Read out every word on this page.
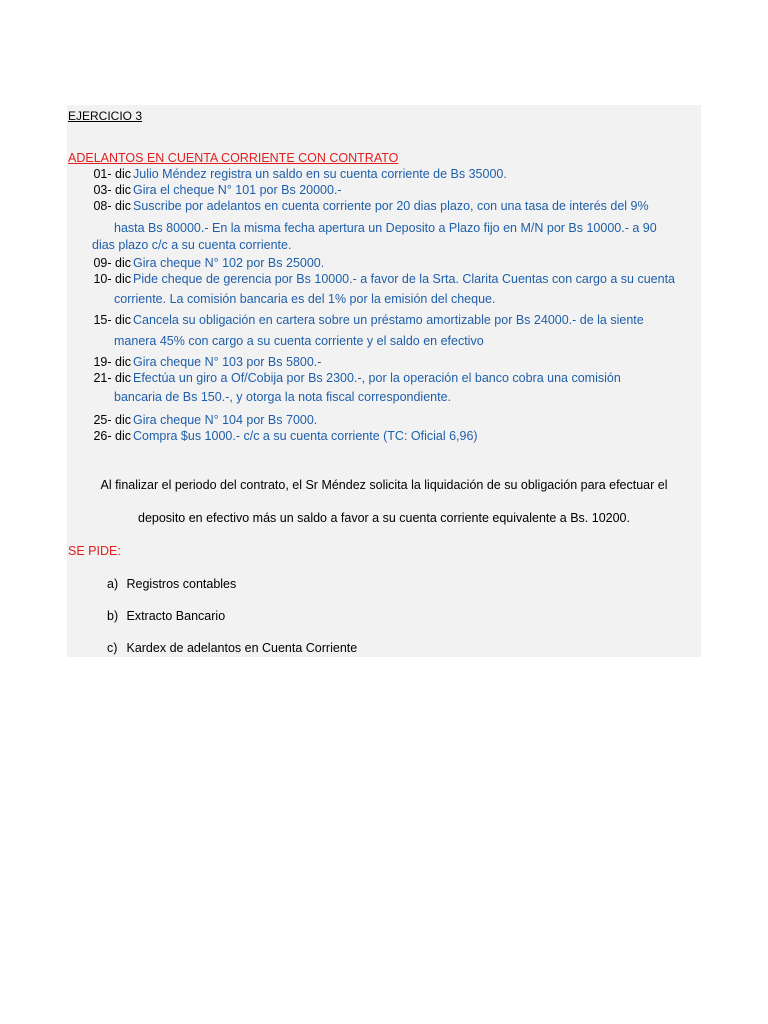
EJERCICIO 3
ADELANTOS EN CUENTA CORRIENTE CON CONTRATO
01- dic Julio Méndez registra un saldo en su cuenta corriente de Bs 35000.
03- dic Gira el cheque N° 101 por Bs 20000.-
08- dic Suscribe por adelantos en cuenta corriente por 20 dias plazo, con una tasa de interés del 9%
hasta Bs 80000.- En la misma fecha apertura un Deposito a Plazo fijo en M/N por Bs 10000.- a 90
dias plazo c/c a su cuenta corriente.
09- dic Gira cheque N° 102 por Bs 25000.
10- dic Pide cheque de gerencia por Bs 10000.- a favor de la Srta. Clarita Cuentas con cargo a su cuenta
corriente. La comisión bancaria es del 1% por la emisión del cheque.
15- dic Cancela su obligación en cartera sobre un préstamo amortizable por Bs 24000.- de la siente
manera 45% con cargo a su cuenta corriente y el saldo en efectivo
19- dic Gira cheque N° 103 por Bs 5800.-
21- dic Efectúa un giro a Of/Cobija por Bs 2300.-, por la operación el banco cobra una comisión
bancaria de Bs 150.-, y otorga la nota fiscal correspondiente.
25- dic Gira cheque N° 104 por Bs 7000.
26- dic Compra $us 1000.- c/c a su cuenta corriente (TC: Oficial 6,96)
Al finalizar el periodo del contrato, el Sr Méndez solicita la liquidación de su obligación para efectuar el
deposito en efectivo más un saldo a favor a su cuenta corriente equivalente a Bs. 10200.
SE PIDE:
a) Registros contables
b) Extracto Bancario
c) Kardex de adelantos en Cuenta Corriente
